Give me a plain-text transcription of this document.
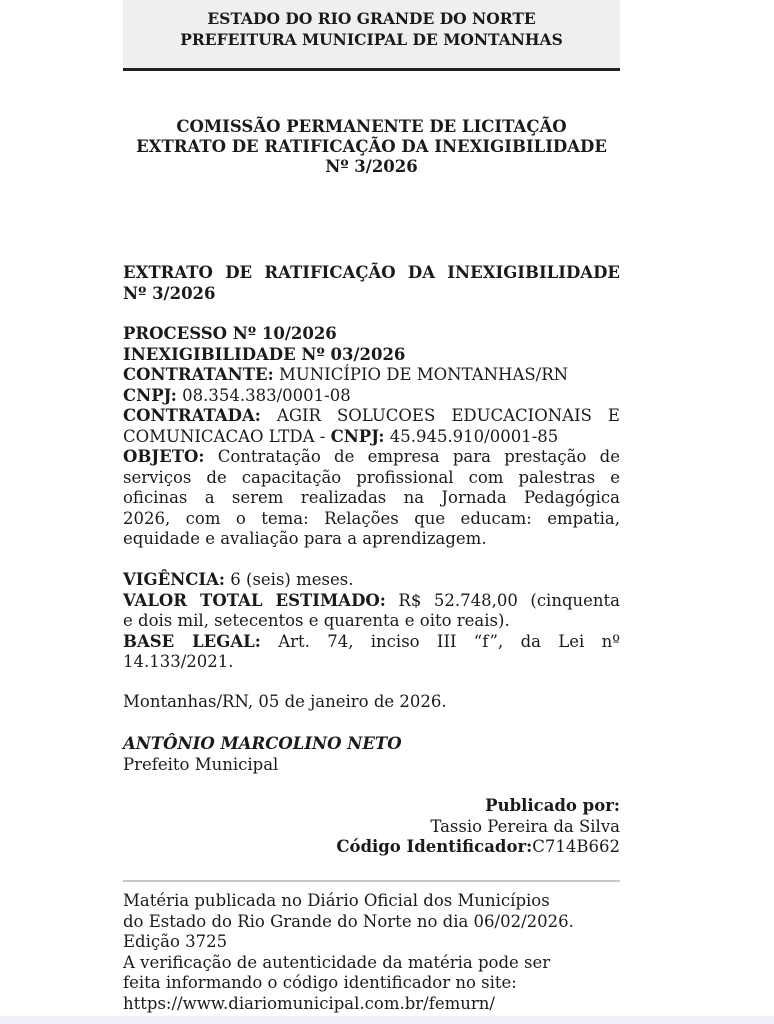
ESTADO DO RIO GRANDE DO NORTE
PREFEITURA MUNICIPAL DE MONTANHAS
COMISSÃO PERMANENTE DE LICITAÇÃO
EXTRATO DE RATIFICAÇÃO DA INEXIGIBILIDADE
Nº 3/2026
EXTRATO DE RATIFICAÇÃO DA INEXIGIBILIDADE
Nº 3/2026
PROCESSO Nº 10/2026
INEXIGIBILIDADE Nº 03/2026
CONTRATANTE: MUNICÍPIO DE MONTANHAS/RN
CNPJ: 08.354.383/0001-08
CONTRATADA: AGIR SOLUCOES EDUCACIONAIS E
COMUNICACAO LTDA - CNPJ: 45.945.910/0001-85
OBJETO: Contratação de empresa para prestação de
serviços de capacitação profissional com palestras e
oficinas a serem realizadas na Jornada Pedagógica
2026, com o tema: Relações que educam: empatia,
equidade e avaliação para a aprendizagem.
VIGÊNCIA: 6 (seis) meses.
VALOR TOTAL ESTIMADO: R$ 52.748,00 (cinquenta
e dois mil, setecentos e quarenta e oito reais).
BASE LEGAL: Art. 74, inciso III “f”, da Lei nº
14.133/2021.
Montanhas/RN, 05 de janeiro de 2026.
ANTÔNIO MARCOLINO NETO
Prefeito Municipal
Publicado por:
Tassio Pereira da Silva
Código Identificador:C714B662
Matéria publicada no Diário Oficial dos Municípios
do Estado do Rio Grande do Norte no dia 06/02/2026.
Edição 3725
A verificação de autenticidade da matéria pode ser
feita informando o código identificador no site:
https://www.diariomunicipal.com.br/femurn/
